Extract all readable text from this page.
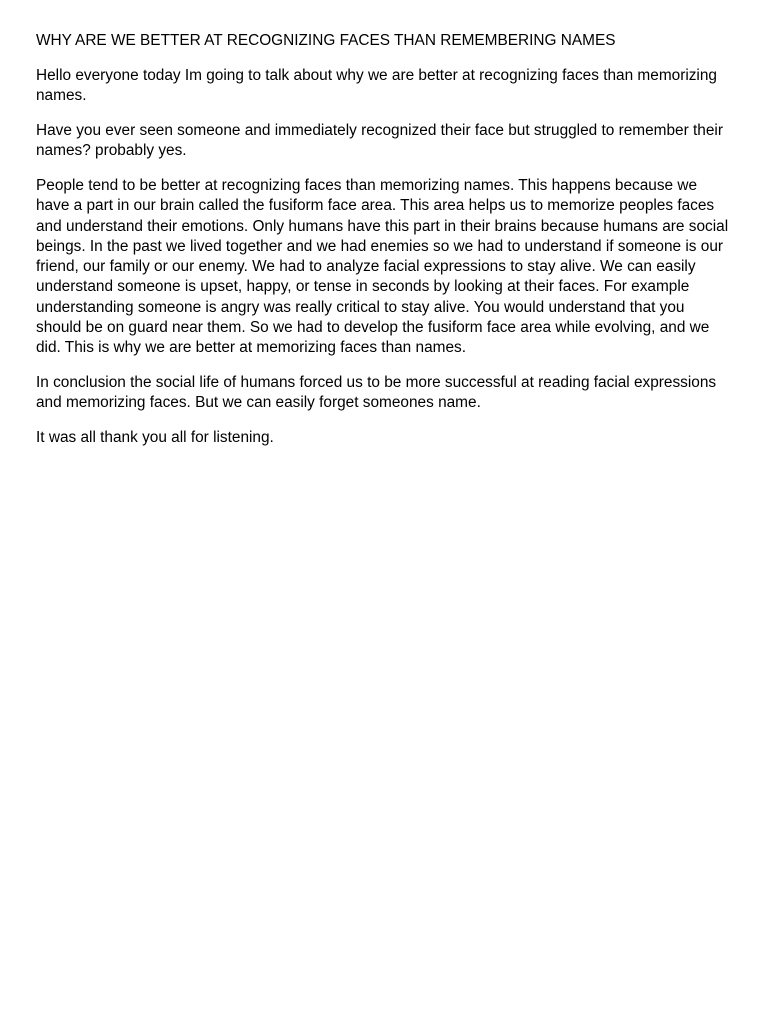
WHY ARE WE BETTER AT RECOGNIZING FACES THAN REMEMBERING NAMES

Hello everyone today Im going to talk about why we are better at recognizing faces than memorizing names.

Have you ever seen someone and immediately recognized their face but struggled to remember their names? probably yes.

People tend to be better at recognizing faces than memorizing names. This happens because we have a part in our brain called the fusiform face area. This area helps us to memorize peoples faces and understand their emotions. Only humans have this part in their brains because humans are social beings. In the past we lived together and we had enemies so we had to understand if someone is our friend, our family or our enemy. We had to analyze facial expressions to stay alive. We can easily understand someone is upset, happy, or tense in seconds by looking at their faces. For example understanding someone is angry was really critical to stay alive. You would understand that you should be on guard near them. So we had to develop the fusiform face area while evolving, and we did. This is why we are better at memorizing faces than names.

In conclusion the social life of humans forced us to be more successful at reading facial expressions and memorizing faces. But we can easily forget someones name.

It was all thank you all for listening.
